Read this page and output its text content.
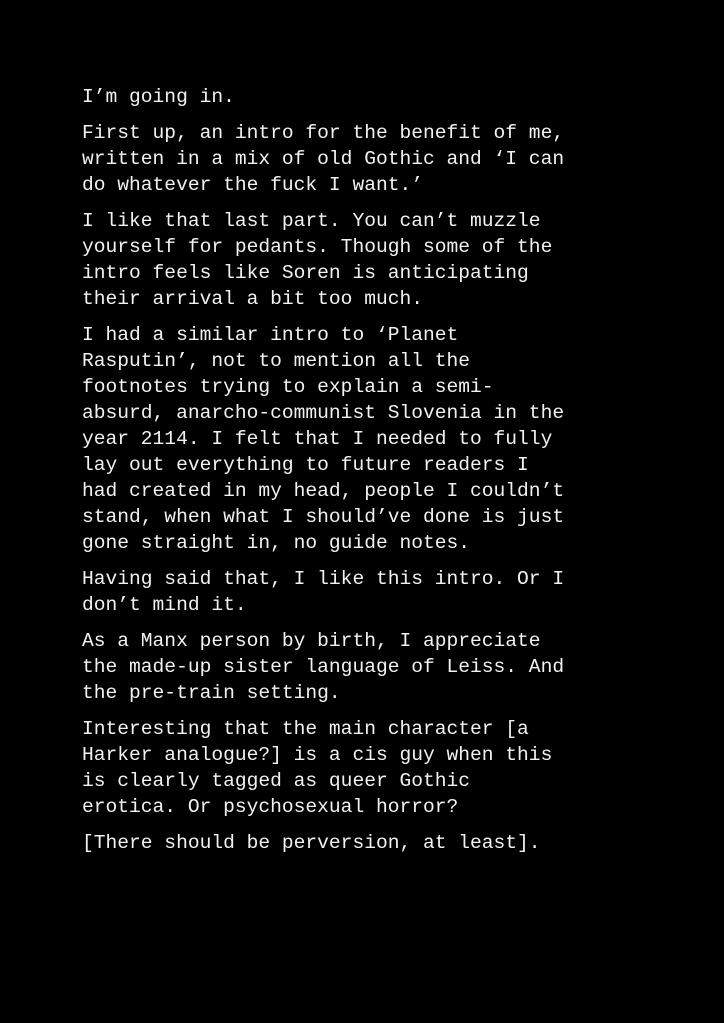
I’m going in.

First up, an intro for the benefit of me,
written in a mix of old Gothic and ‘I can
do whatever the fuck I want.’

I like that last part. You can’t muzzle
yourself for pedants. Though some of the
intro feels like Soren is anticipating
their arrival a bit too much.

I had a similar intro to ‘Planet
Rasputin’, not to mention all the
footnotes trying to explain a semi-
absurd, anarcho-communist Slovenia in the
year 2114. I felt that I needed to fully
lay out everything to future readers I
had created in my head, people I couldn’t
stand, when what I should’ve done is just
gone straight in, no guide notes.

Having said that, I like this intro. Or I
don’t mind it.

As a Manx person by birth, I appreciate
the made-up sister language of Leiss. And
the pre-train setting.

Interesting that the main character [a
Harker analogue?] is a cis guy when this
is clearly tagged as queer Gothic
erotica. Or psychosexual horror?

[There should be perversion, at least].
